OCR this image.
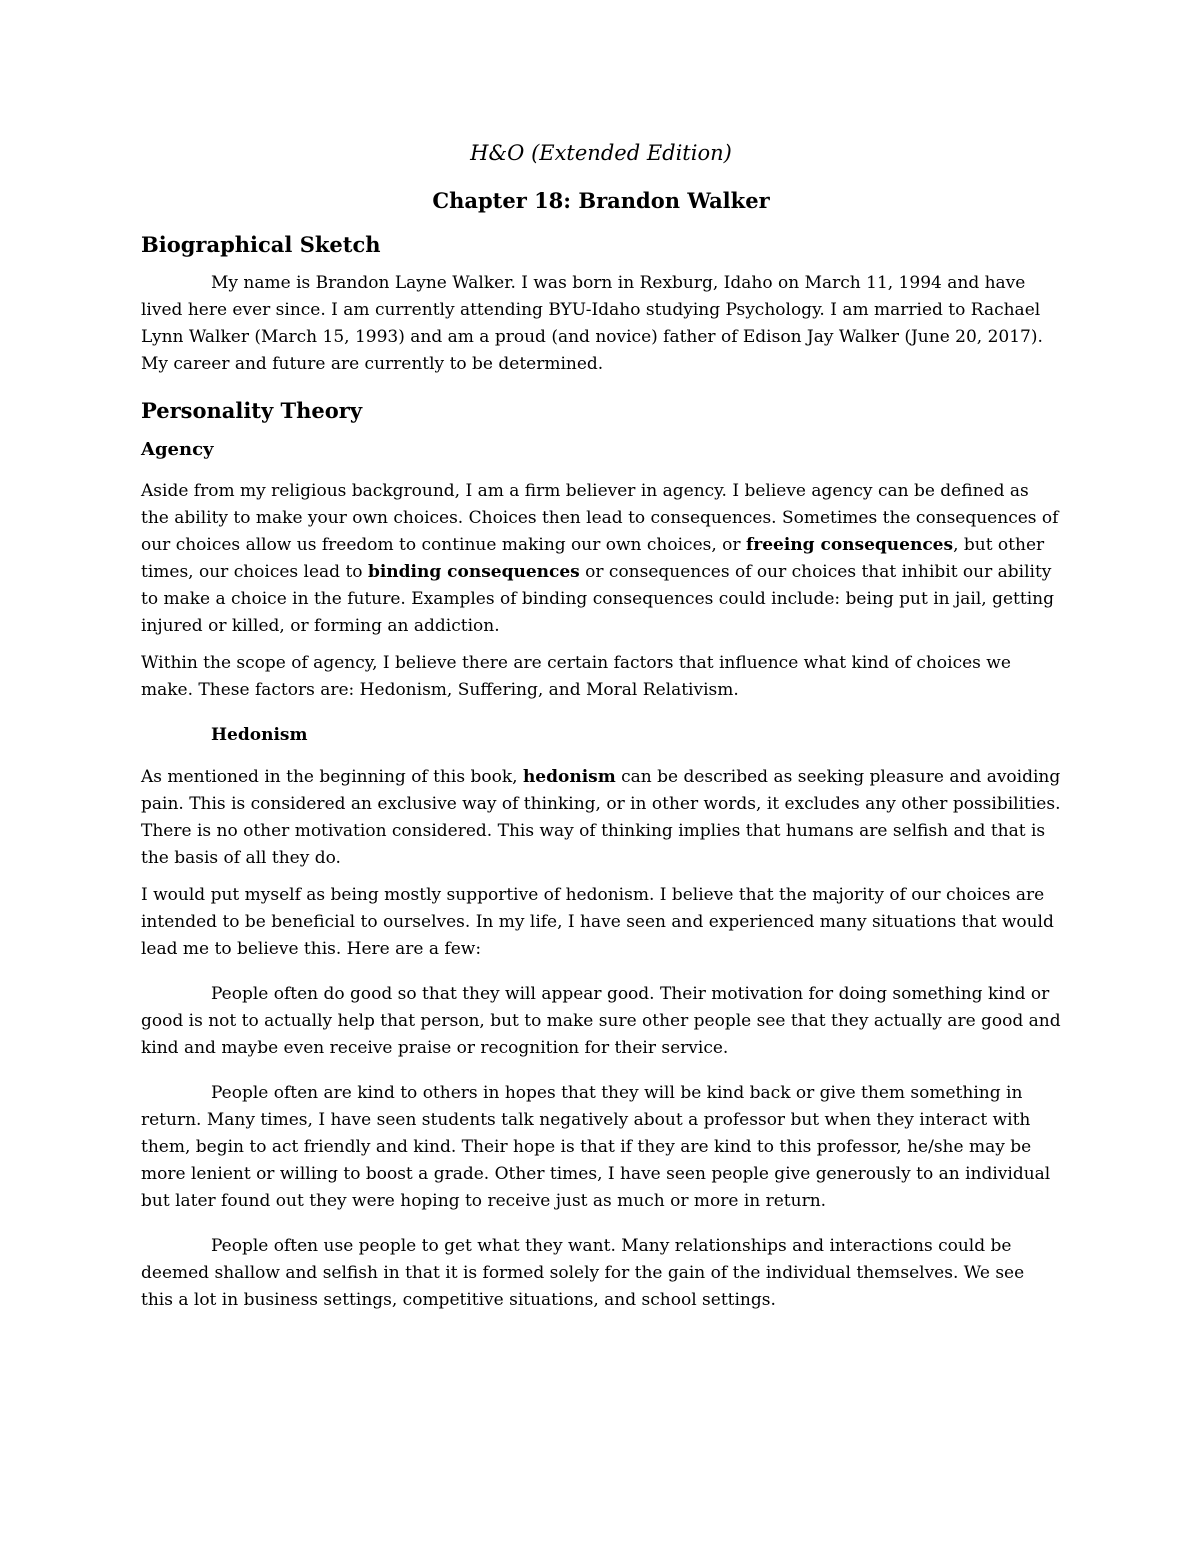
H&O (Extended Edition)
Chapter 18: Brandon Walker
Biographical Sketch

My name is Brandon Layne Walker. I was born in Rexburg, Idaho on March 11, 1994 and have lived here ever since. I am currently attending BYU-Idaho studying Psychology. I am married to Rachael Lynn Walker (March 15, 1993) and am a proud (and novice) father of Edison Jay Walker (June 20, 2017). My career and future are currently to be determined.

Personality Theory
Agency

Aside from my religious background, I am a firm believer in agency. I believe agency can be defined as the ability to make your own choices. Choices then lead to consequences. Sometimes the consequences of our choices allow us freedom to continue making our own choices, or freeing consequences, but other times, our choices lead to binding consequences or consequences of our choices that inhibit our ability to make a choice in the future. Examples of binding consequences could include: being put in jail, getting injured or killed, or forming an addiction.

Within the scope of agency, I believe there are certain factors that influence what kind of choices we make. These factors are: Hedonism, Suffering, and Moral Relativism.

Hedonism

As mentioned in the beginning of this book, hedonism can be described as seeking pleasure and avoiding pain. This is considered an exclusive way of thinking, or in other words, it excludes any other possibilities. There is no other motivation considered. This way of thinking implies that humans are selfish and that is the basis of all they do.

I would put myself as being mostly supportive of hedonism. I believe that the majority of our choices are intended to be beneficial to ourselves. In my life, I have seen and experienced many situations that would lead me to believe this. Here are a few:

People often do good so that they will appear good. Their motivation for doing something kind or good is not to actually help that person, but to make sure other people see that they actually are good and kind and maybe even receive praise or recognition for their service.

People often are kind to others in hopes that they will be kind back or give them something in return. Many times, I have seen students talk negatively about a professor but when they interact with them, begin to act friendly and kind. Their hope is that if they are kind to this professor, he/she may be more lenient or willing to boost a grade. Other times, I have seen people give generously to an individual but later found out they were hoping to receive just as much or more in return.

People often use people to get what they want. Many relationships and interactions could be deemed shallow and selfish in that it is formed solely for the gain of the individual themselves. We see this a lot in business settings, competitive situations, and school settings.
